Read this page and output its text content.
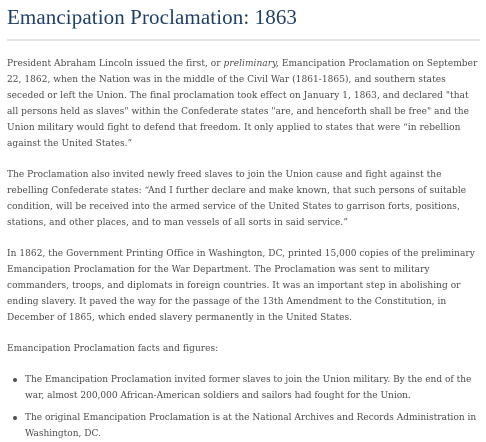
Emancipation Proclamation: 1863

President Abraham Lincoln issued the first, or preliminary, Emancipation Proclamation on September 22, 1862, when the Nation was in the middle of the Civil War (1861-1865), and southern states seceded or left the Union. The final proclamation took effect on January 1, 1863, and declared "that all persons held as slaves" within the Confederate states "are, and henceforth shall be free" and the Union military would fight to defend that freedom. It only applied to states that were “in rebellion against the United States.”

The Proclamation also invited newly freed slaves to join the Union cause and fight against the rebelling Confederate states: “And I further declare and make known, that such persons of suitable condition, will be received into the armed service of the United States to garrison forts, positions, stations, and other places, and to man vessels of all sorts in said service.”

In 1862, the Government Printing Office in Washington, DC, printed 15,000 copies of the preliminary Emancipation Proclamation for the War Department. The Proclamation was sent to military commanders, troops, and diplomats in foreign countries. It was an important step in abolishing or ending slavery. It paved the way for the passage of the 13th Amendment to the Constitution, in December of 1865, which ended slavery permanently in the United States.

Emancipation Proclamation facts and figures:

The Emancipation Proclamation invited former slaves to join the Union military. By the end of the war, almost 200,000 African-American soldiers and sailors had fought for the Union.
The original Emancipation Proclamation is at the National Archives and Records Administration in Washington, DC.
